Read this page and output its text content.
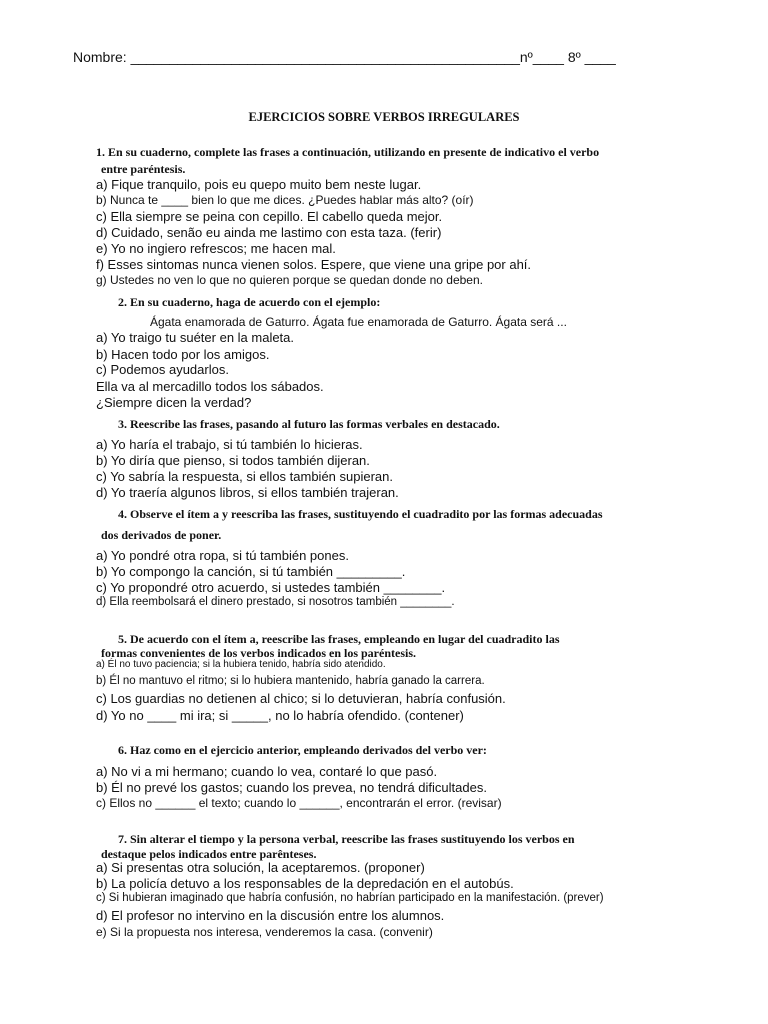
Nombre: __________________________________________________nº____ 8º ____
EJERCICIOS SOBRE VERBOS IRREGULARES
1. En su cuaderno, complete las frases a continuación, utilizando en presente de indicativo el verbo
entre paréntesis.
a) Fique tranquilo, pois eu quepo muito bem neste lugar.
b) Nunca te ____ bien lo que me dices. ¿Puedes hablar más alto? (oír)
c) Ella siempre se peina con cepillo. El cabello queda mejor.
d) Cuidado, senão eu ainda me lastimo con esta taza. (ferir)
e) Yo no ingiero refrescos; me hacen mal.
f) Esses sintomas nunca vienen solos. Espere, que viene una gripe por ahí.
g) Ustedes no ven lo que no quieren porque se quedan donde no deben.
2. En su cuaderno, haga de acuerdo con el ejemplo:
Ágata enamorada de Gaturro. Ágata fue enamorada de Gaturro. Ágata será ...
a) Yo traigo tu suéter en la maleta.
b) Hacen todo por los amigos.
c) Podemos ayudarlos.
Ella va al mercadillo todos los sábados.
¿Siempre dicen la verdad?
3. Reescribe las frases, pasando al futuro las formas verbales en destacado.
a) Yo haría el trabajo, si tú también lo hicieras.
b) Yo diría que pienso, si todos también dijeran.
c) Yo sabría la respuesta, si ellos también supieran.
d) Yo traería algunos libros, si ellos también trajeran.
4. Observe el ítem a y reescriba las frases, sustituyendo el cuadradito por las formas adecuadas
dos derivados de poner.
a) Yo pondré otra ropa, si tú también pones.
b) Yo compongo la canción, si tú también _________.
c) Yo propondré otro acuerdo, si ustedes también ________.
d) Ella reembolsará el dinero prestado, si nosotros también ________.
5. De acuerdo con el ítem a, reescribe las frases, empleando en lugar del cuadradito las
formas convenientes de los verbos indicados en los paréntesis.
a) Él no tuvo paciencia; si la hubiera tenido, habría sido atendido.
b) Él no mantuvo el ritmo; si lo hubiera mantenido, habría ganado la carrera.
c) Los guardias no detienen al chico; si lo detuvieran, habría confusión.
d) Yo no ____ mi ira; si _____, no lo habría ofendido. (contener)
6. Haz como en el ejercicio anterior, empleando derivados del verbo ver:
a) No vi a mi hermano; cuando lo vea, contaré lo que pasó.
b) Él no prevé los gastos; cuando los prevea, no tendrá dificultades.
c) Ellos no ______ el texto; cuando lo ______, encontrarán el error. (revisar)
7. Sin alterar el tiempo y la persona verbal, reescribe las frases sustituyendo los verbos en
destaque pelos indicados entre parênteses.
a) Si presentas otra solución, la aceptaremos. (proponer)
b) La policía detuvo a los responsables de la depredación en el autobús.
c) Si hubieran imaginado que habría confusión, no habrían participado en la manifestación. (prever)
d) El profesor no intervino en la discusión entre los alumnos.
e) Si la propuesta nos interesa, venderemos la casa. (convenir)
